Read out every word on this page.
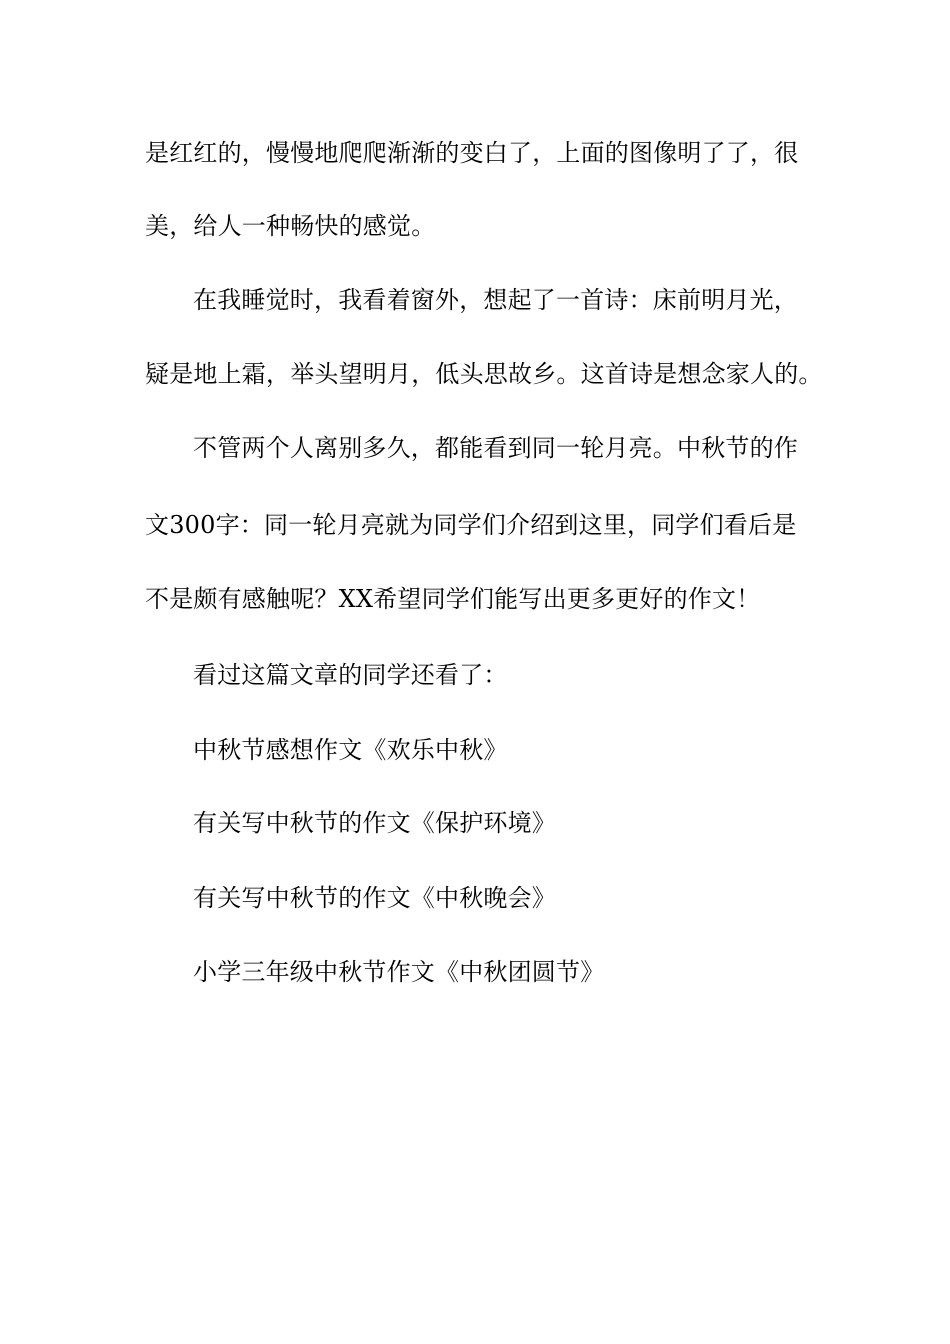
是红红的，慢慢地爬爬渐渐的变白了，上面的图像明了了，很
美，给人一种畅快的感觉。
在我睡觉时，我看着窗外，想起了一首诗：床前明月光，
疑是地上霜，举头望明月，低头思故乡。这首诗是想念家人的。
不管两个人离别多久，都能看到同一轮月亮。中秋节的作
文300字：同一轮月亮就为同学们介绍到这里，同学们看后是
不是颇有感触呢？XX希望同学们能写出更多更好的作文！
看过这篇文章的同学还看了：
中秋节感想作文《欢乐中秋》
有关写中秋节的作文《保护环境》
有关写中秋节的作文《中秋晚会》
小学三年级中秋节作文《中秋团圆节》
